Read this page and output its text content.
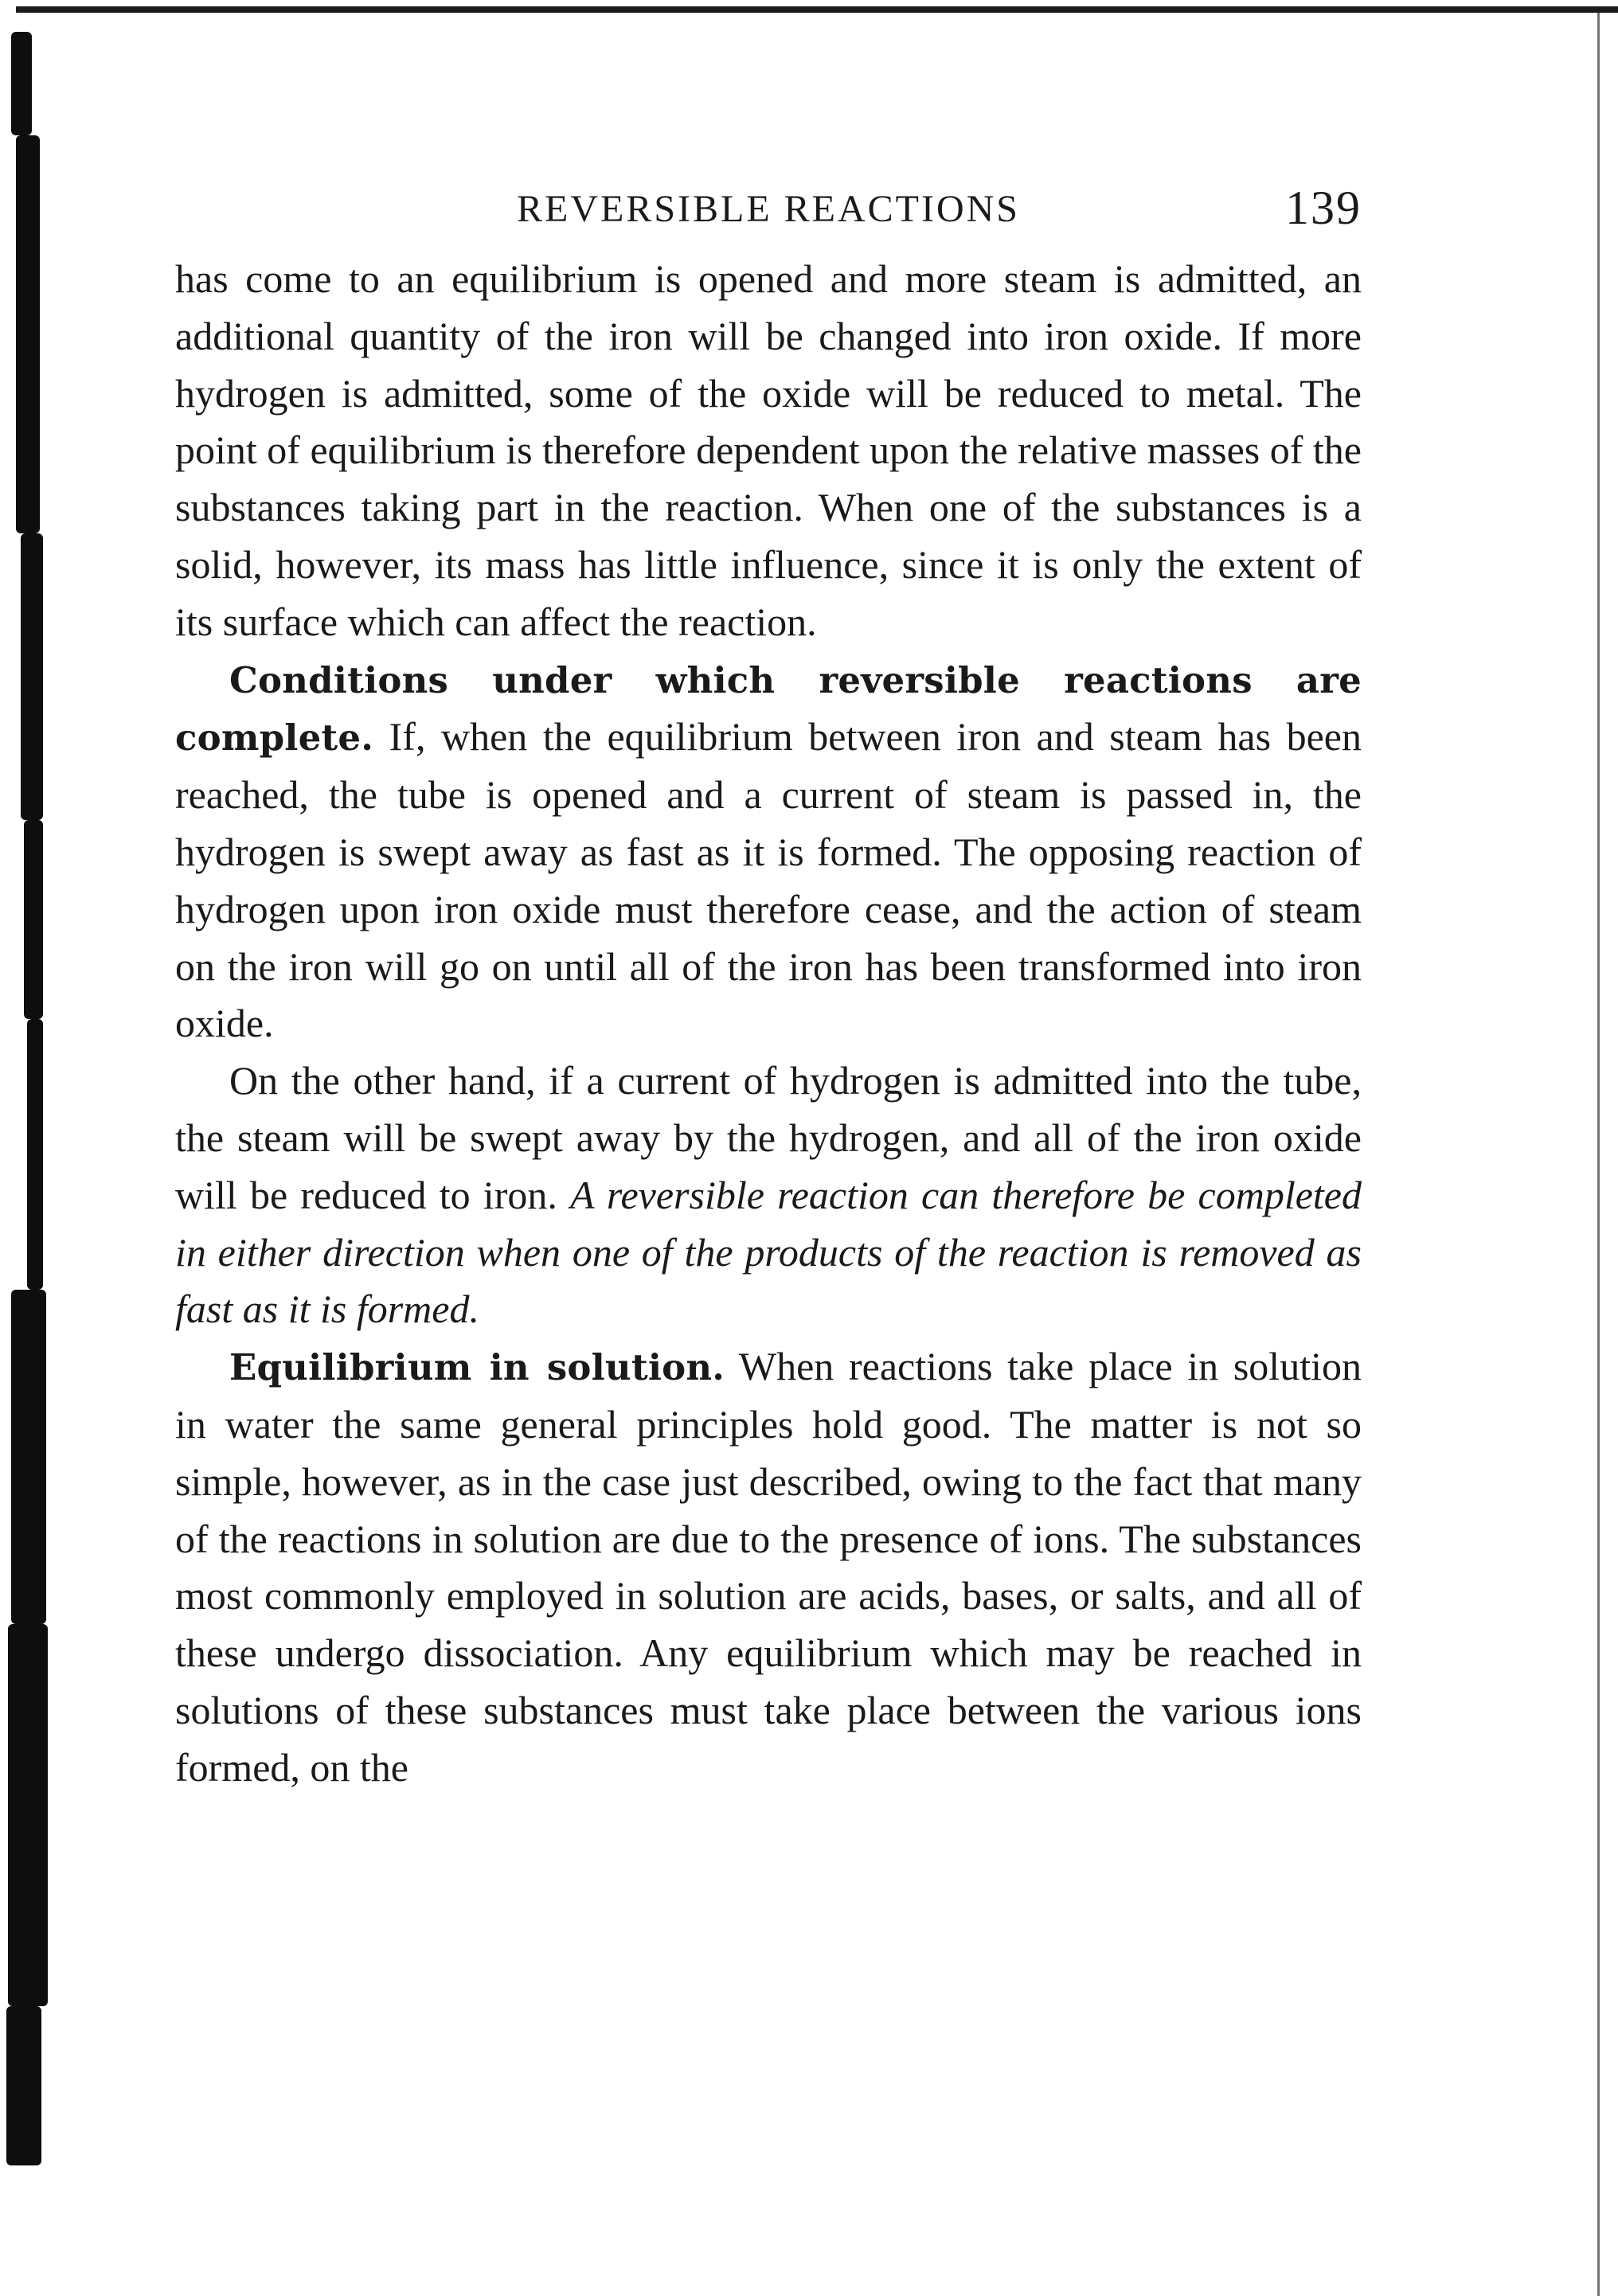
REVERSIBLE REACTIONS	139

has come to an equilibrium is opened and more steam is admitted, an additional quantity of the iron will be changed into iron oxide. If more hydrogen is admitted, some of the oxide will be reduced to metal. The point of equilibrium is therefore dependent upon the relative masses of the substances taking part in the reaction. When one of the substances is a solid, however, its mass has little influence, since it is only the extent of its surface which can affect the reaction.

Conditions under which reversible reactions are complete. If, when the equilibrium between iron and steam has been reached, the tube is opened and a current of steam is passed in, the hydrogen is swept away as fast as it is formed. The opposing reaction of hydrogen upon iron oxide must therefore cease, and the action of steam on the iron will go on until all of the iron has been transformed into iron oxide.

On the other hand, if a current of hydrogen is admitted into the tube, the steam will be swept away by the hydrogen, and all of the iron oxide will be reduced to iron. A reversible reaction can therefore be completed in either direction when one of the products of the reaction is removed as fast as it is formed.

Equilibrium in solution. When reactions take place in solution in water the same general principles hold good. The matter is not so simple, however, as in the case just described, owing to the fact that many of the reactions in solution are due to the presence of ions. The substances most commonly employed in solution are acids, bases, or salts, and all of these undergo dissociation. Any equilibrium which may be reached in solutions of these substances must take place between the various ions formed, on the
